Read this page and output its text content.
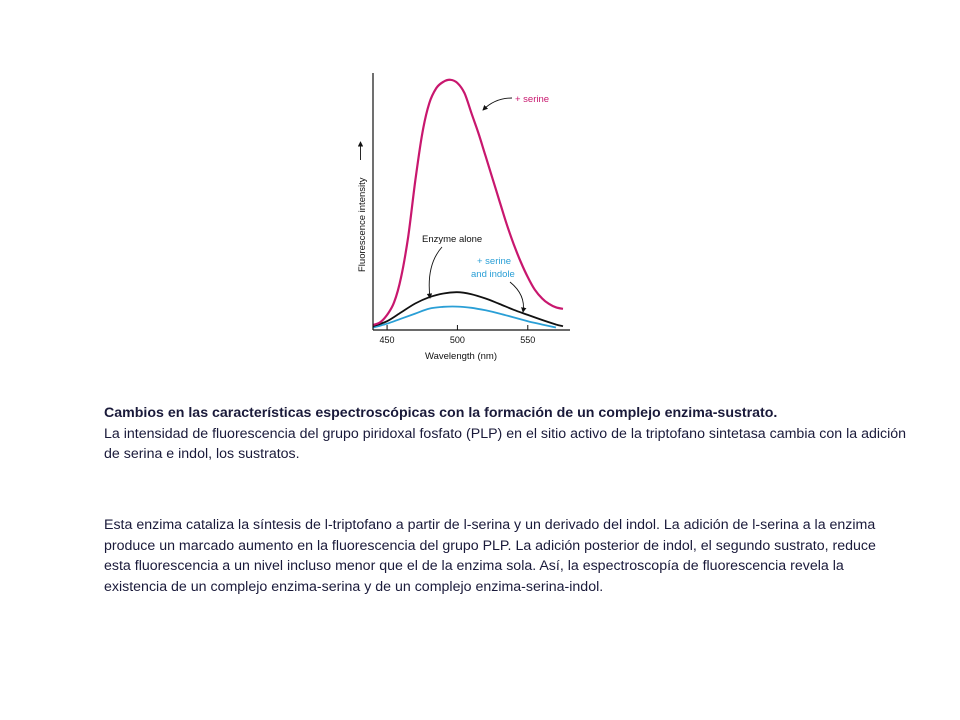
450	500	550
Fluorescence intensity
Wavelength (nm)
+ serine
Enzyme alone
+ serine
and indole
Cambios en las características espectroscópicas con la formación de un complejo enzima-sustrato.
La intensidad de fluorescencia del grupo piridoxal fosfato (PLP) en el sitio activo de la triptofano sintetasa cambia con la adición de serina e indol, los sustratos.
Esta enzima cataliza la síntesis de l-triptofano a partir de l-serina y un derivado del indol. La adición de l-serina a la enzima produce un marcado aumento en la fluorescencia del grupo PLP. La adición posterior de indol, el segundo sustrato, reduce esta fluorescencia a un nivel incluso menor que el de la enzima sola. Así, la espectroscopía de fluorescencia revela la existencia de un complejo enzima-serina y de un complejo enzima-serina-indol.
